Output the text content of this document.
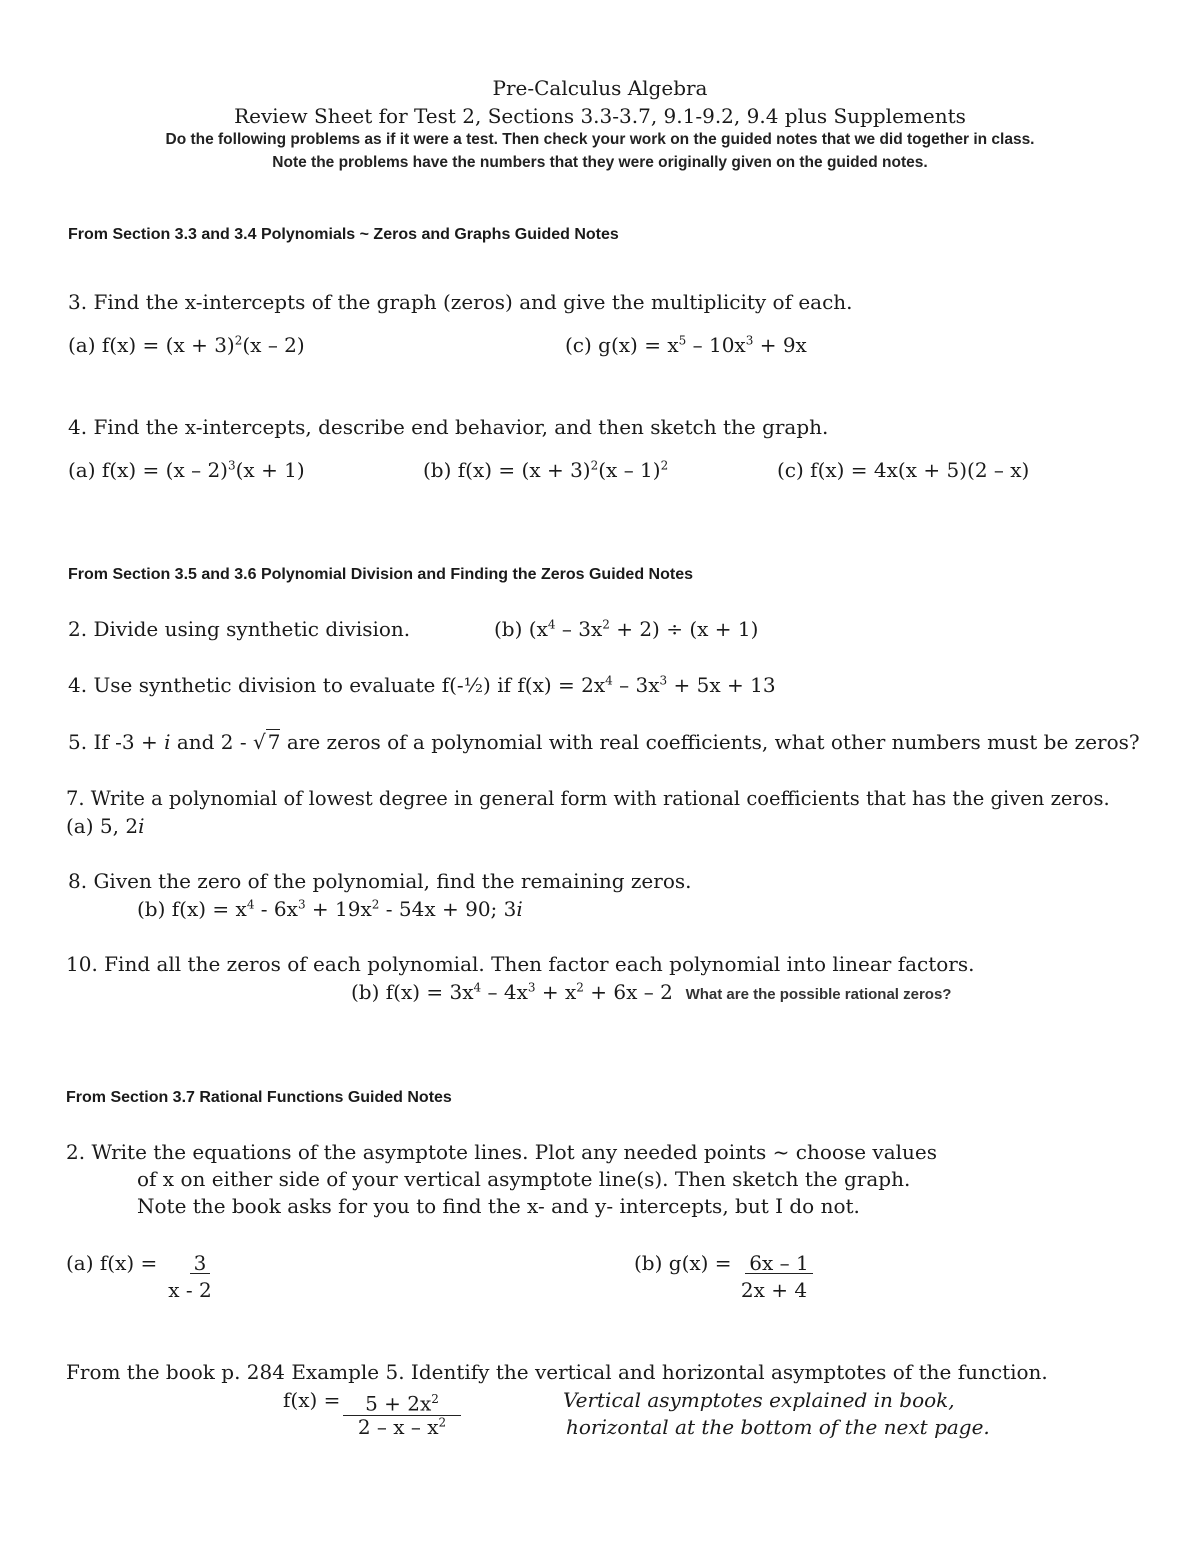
Pre-Calculus Algebra
Review Sheet for Test 2, Sections 3.3-3.7, 9.1-9.2, 9.4 plus Supplements
Do the following problems as if it were a test. Then check your work on the guided notes that we did together in class.
Note the problems have the numbers that they were originally given on the guided notes.
From Section 3.3 and 3.4 Polynomials ~ Zeros and Graphs Guided Notes
3. Find the x-intercepts of the graph (zeros) and give the multiplicity of each.
(a) $f(x) = (x + 3)^2(x - 2)$	(c) $g(x) = x^5 - 10x^3 + 9x$
4. Find the x-intercepts, describe end behavior, and then sketch the graph.
(a) f(x) = (x – 2)$^3$(x + 1)	(b) $f(x) = (x + 3)^2(x - 1)^2$	(c) f(x) = 4x(x + 5)(2 – x)
From Section 3.5 and 3.6 Polynomial Division and Finding the Zeros Guided Notes
2. Divide using synthetic division.	(b) $(x^4 - 3x^2 + 2) \div (x + 1)$
4. Use synthetic division to evaluate f(-½) if $f(x) = 2x^4 - 3x^3 + 5x + 13$
5. If -3 + i and 2 - √ 7 are zeros of a polynomial with real coefficients, what other numbers must be zeros?
7. Write a polynomial of lowest degree in general form with rational coefficients that has the given zeros.
(a) 5, 2i
8. Given the zero of the polynomial, find the remaining zeros.
(b) $f(x) = x^4 - 6x^3 + 19x^2 - 54x + 90$; 3i
10. Find all the zeros of each polynomial. Then factor each polynomial into linear factors.
(b) $f(x) = 3x^4 - 4x^3 + x^2 + 6x - 2$ What are the possible rational zeros?
From Section 3.7 Rational Functions Guided Notes
2. Write the equations of the asymptote lines. Plot any needed points ~ choose values
of x on either side of your vertical asymptote line(s). Then sketch the graph.
Note the book asks for you to find the x- and y- intercepts, but I do not.
(a) f(x) =	3
x - 2
(b) g(x) = 6x – 1
2x + 4
From the book p. 284 Example 5. Identify the vertical and horizontal asymptotes of the function.
f(x) =	$5 + 2x^2$
2 – x – $x^2$
Vertical asymptotes explained in book,
horizontal at the bottom of the next page.
